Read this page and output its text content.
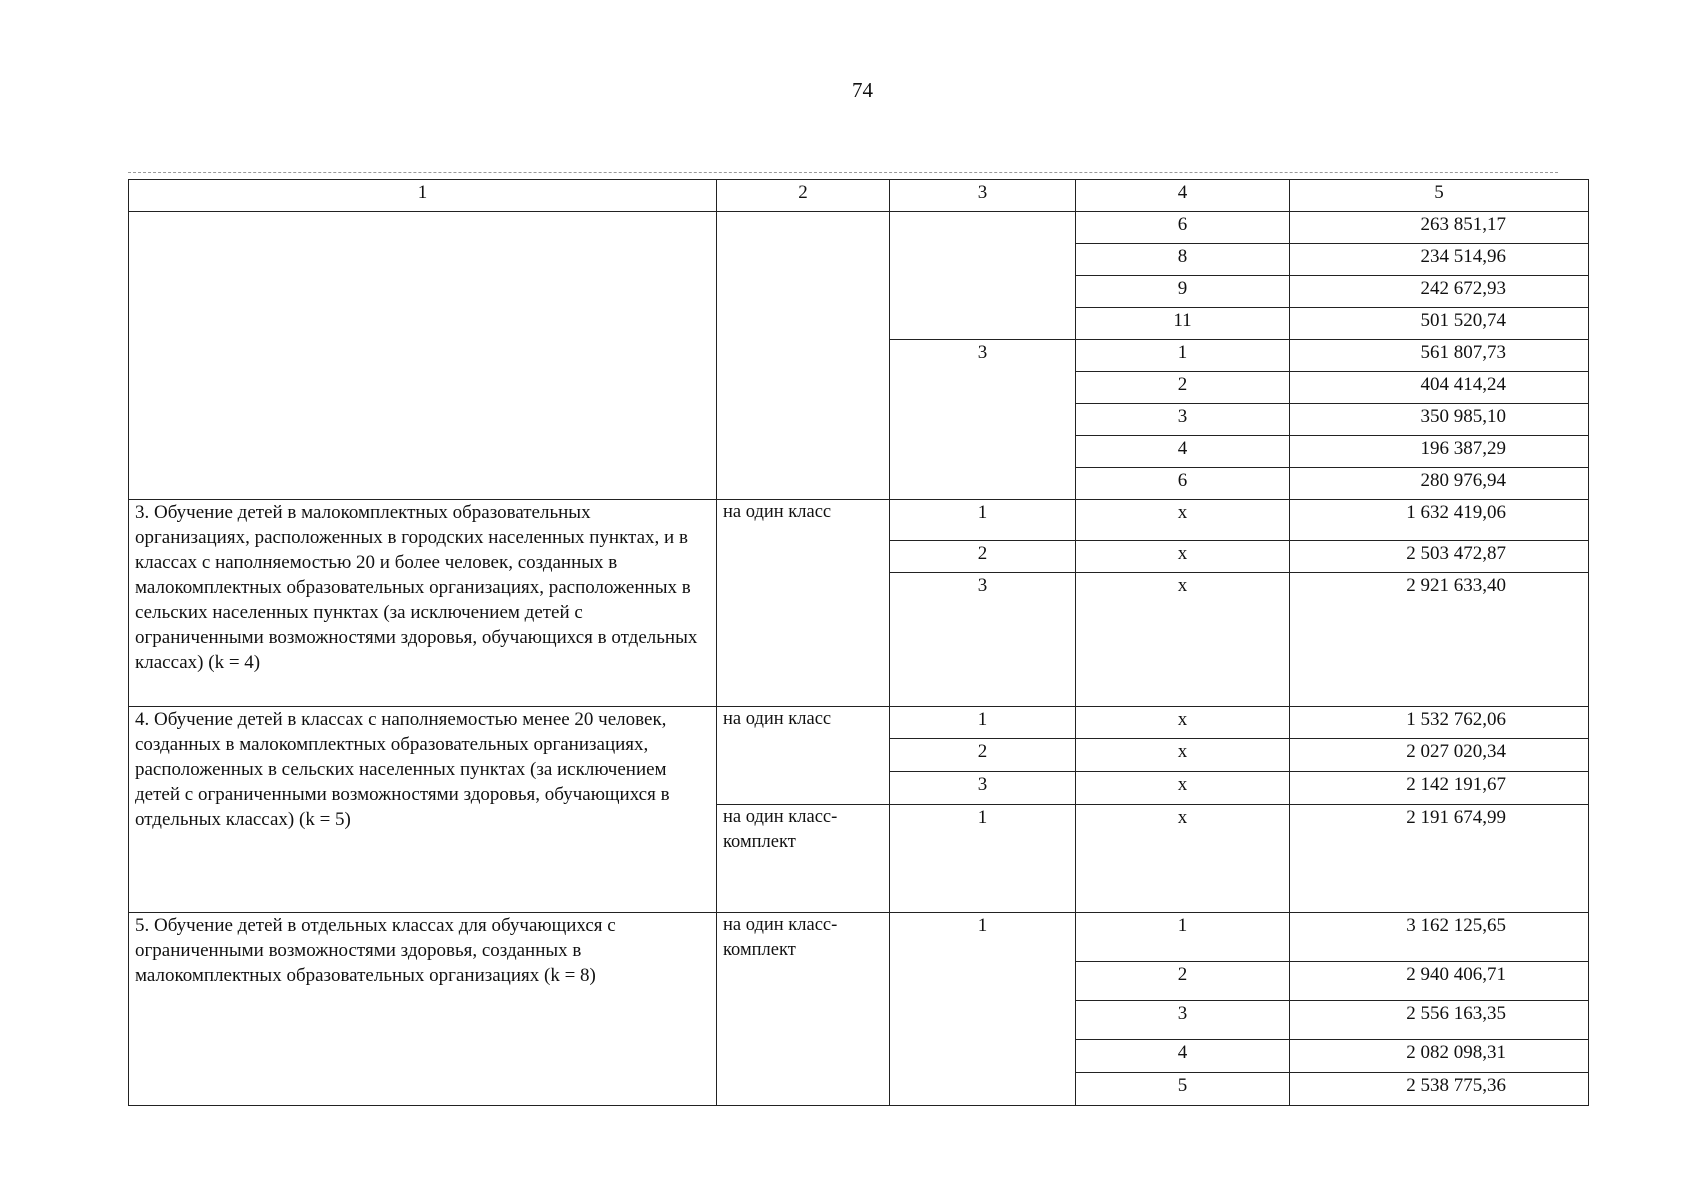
74
1	2	3	4	5
			6	263 851,17
			8	234 514,96
			9	242 672,93
			11	501 520,74
		3	1	561 807,73
			2	404 414,24
			3	350 985,10
			4	196 387,29
			6	280 976,94
3. Обучение детей в малокомплектных образовательных организациях, расположенных в городских населенных пунктах, и в классах с наполняемостью 20 и более человек, созданных в малокомплектных образовательных организациях, расположенных в сельских населенных пунктах (за исключением детей с ограниченными возможностями здоровья, обучающихся в отдельных классах) (k = 4)	на один класс	1	х	1 632 419,06
		2	х	2 503 472,87
		3	х	2 921 633,40
4. Обучение детей в классах с наполняемостью менее 20 человек, созданных в малокомплектных образовательных организациях, расположенных в сельских населенных пунктах (за исключением детей с ограниченными возможностями здоровья, обучающихся в отдельных классах) (k = 5)	на один класс	1	х	1 532 762,06
		2	х	2 027 020,34
		3	х	2 142 191,67
	на один класс-комплект	1	х	2 191 674,99
5. Обучение детей в отдельных классах для обучающихся с ограниченными возможностями здоровья, созданных в малокомплектных образовательных организациях (k = 8)	на один класс-комплект	1	1	3 162 125,65
			2	2 940 406,71
			3	2 556 163,35
			4	2 082 098,31
			5	2 538 775,36
